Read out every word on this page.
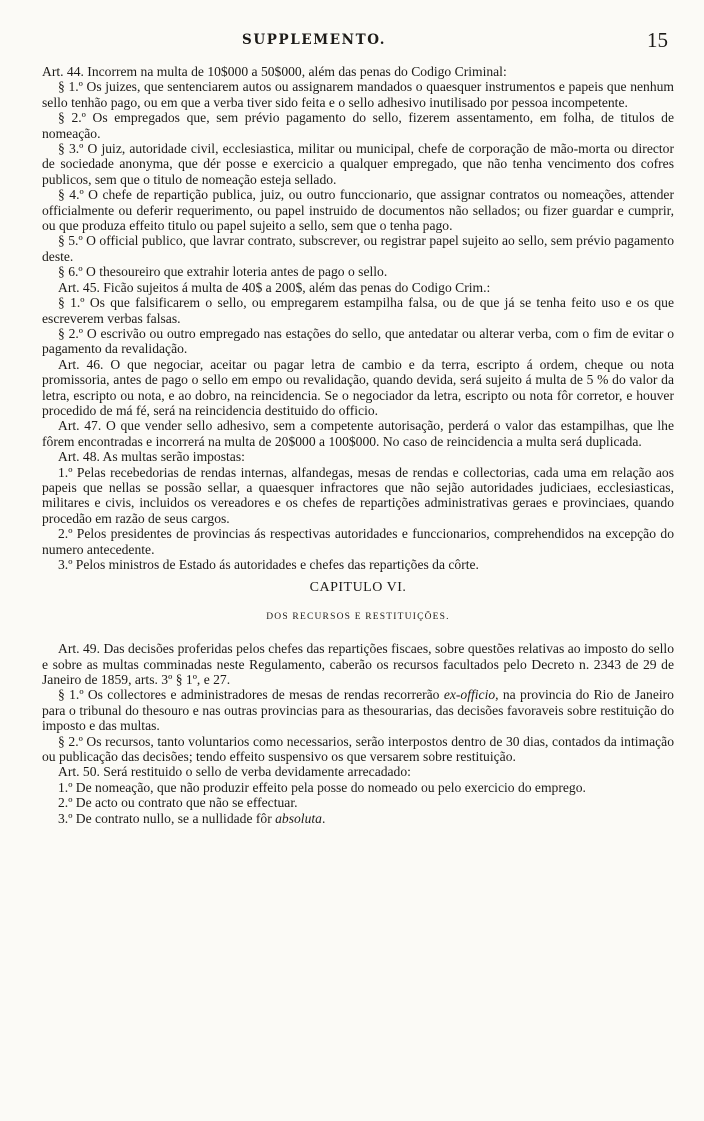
SUPPLEMENTO.	15

Art. 44. Incorrem na multa de 10$000 a 50$000, além das penas do Codigo Criminal:

§ 1.º Os juizes, que sentenciarem autos ou assignarem mandados o quaesquer instrumentos e papeis que nenhum sello tenhão pago, ou em que a verba tiver sido feita e o sello adhesivo inutilisado por pessoa incompetente.

§ 2.º Os empregados que, sem prévio pagamento do sello, fizerem assentamento, em folha, de titulos de nomeação.

§ 3.º O juiz, autoridade civil, ecclesiastica, militar ou municipal, chefe de corporação de mão-morta ou director de sociedade anonyma, que dér posse e exercicio a qualquer empregado, que não tenha vencimento dos cofres publicos, sem que o titulo de nomeação esteja sellado.

§ 4.º O chefe de repartição publica, juiz, ou outro funccionario, que assignar contratos ou nomeações, attender officialmente ou deferir requerimento, ou papel instruido de documentos não sellados; ou fizer guardar e cumprir, ou que produza effeito titulo ou papel sujeito a sello, sem que o tenha pago.

§ 5.º O official publico, que lavrar contrato, subscrever, ou registrar papel sujeito ao sello, sem prévio pagamento deste.

§ 6.º O thesoureiro que extrahir loteria antes de pago o sello.

Art. 45. Ficão sujeitos á multa de 40$ a 200$, além das penas do Codigo Crim.:

§ 1.º Os que falsificarem o sello, ou empregarem estampilha falsa, ou de que já se tenha feito uso e os que escreverem verbas falsas.

§ 2.º O escrivão ou outro empregado nas estações do sello, que antedatar ou alterar verba, com o fim de evitar o pagamento da revalidação.

Art. 46. O que negociar, aceitar ou pagar letra de cambio e da terra, escripto á ordem, cheque ou nota promissoria, antes de pago o sello em empo ou revalidação, quando devida, será sujeito á multa de 5 % do valor da letra, escripto ou nota, e ao dobro, na reincidencia. Se o negociador da letra, escripto ou nota fôr corretor, e houver procedido de má fé, será na reincidencia destituido do officio.

Art. 47. O que vender sello adhesivo, sem a competente autorisação, perderá o valor das estampilhas, que lhe fôrem encontradas e incorrerá na multa de 20$000 a 100$000. No caso de reincidencia a multa será duplicada.

Art. 48. As multas serão impostas:

1.º Pelas recebedorias de rendas internas, alfandegas, mesas de rendas e collectorias, cada uma em relação aos papeis que nellas se possão sellar, a quaesquer infractores que não sejão autoridades judiciaes, ecclesiasticas, militares e civis, incluidos os vereadores e os chefes de repartições administrativas geraes e provinciaes, quando procedão em razão de seus cargos.

2.º Pelos presidentes de provincias ás respectivas autoridades e funccionarios, comprehendidos na excepção do numero antecedente.

3.º Pelos ministros de Estado ás autoridades e chefes das repartições da côrte.

CAPITULO VI.
DOS RECURSOS E RESTITUIÇÕES.

Art. 49. Das decisões proferidas pelos chefes das repartições fiscaes, sobre questões relativas ao imposto do sello e sobre as multas comminadas neste Regulamento, caberão os recursos facultados pelo Decreto n. 2343 de 29 de Janeiro de 1859, arts. 3º § 1º, e 27.

§ 1.º Os collectores e administradores de mesas de rendas recorrerão ex-officio, na provincia do Rio de Janeiro para o tribunal do thesouro e nas outras provincias para as thesourarias, das decisões favoraveis sobre restituição do imposto e das multas.

§ 2.º Os recursos, tanto voluntarios como necessarios, serão interpostos dentro de 30 dias, contados da intimação ou publicação das decisões; tendo effeito suspensivo os que versarem sobre restituição.

Art. 50. Será restituido o sello de verba devidamente arrecadado:

1.º De nomeação, que não produzir effeito pela posse do nomeado ou pelo exercicio do emprego.

2.º De acto ou contrato que não se effectuar.

3.º De contrato nullo, se a nullidade fôr absoluta.
